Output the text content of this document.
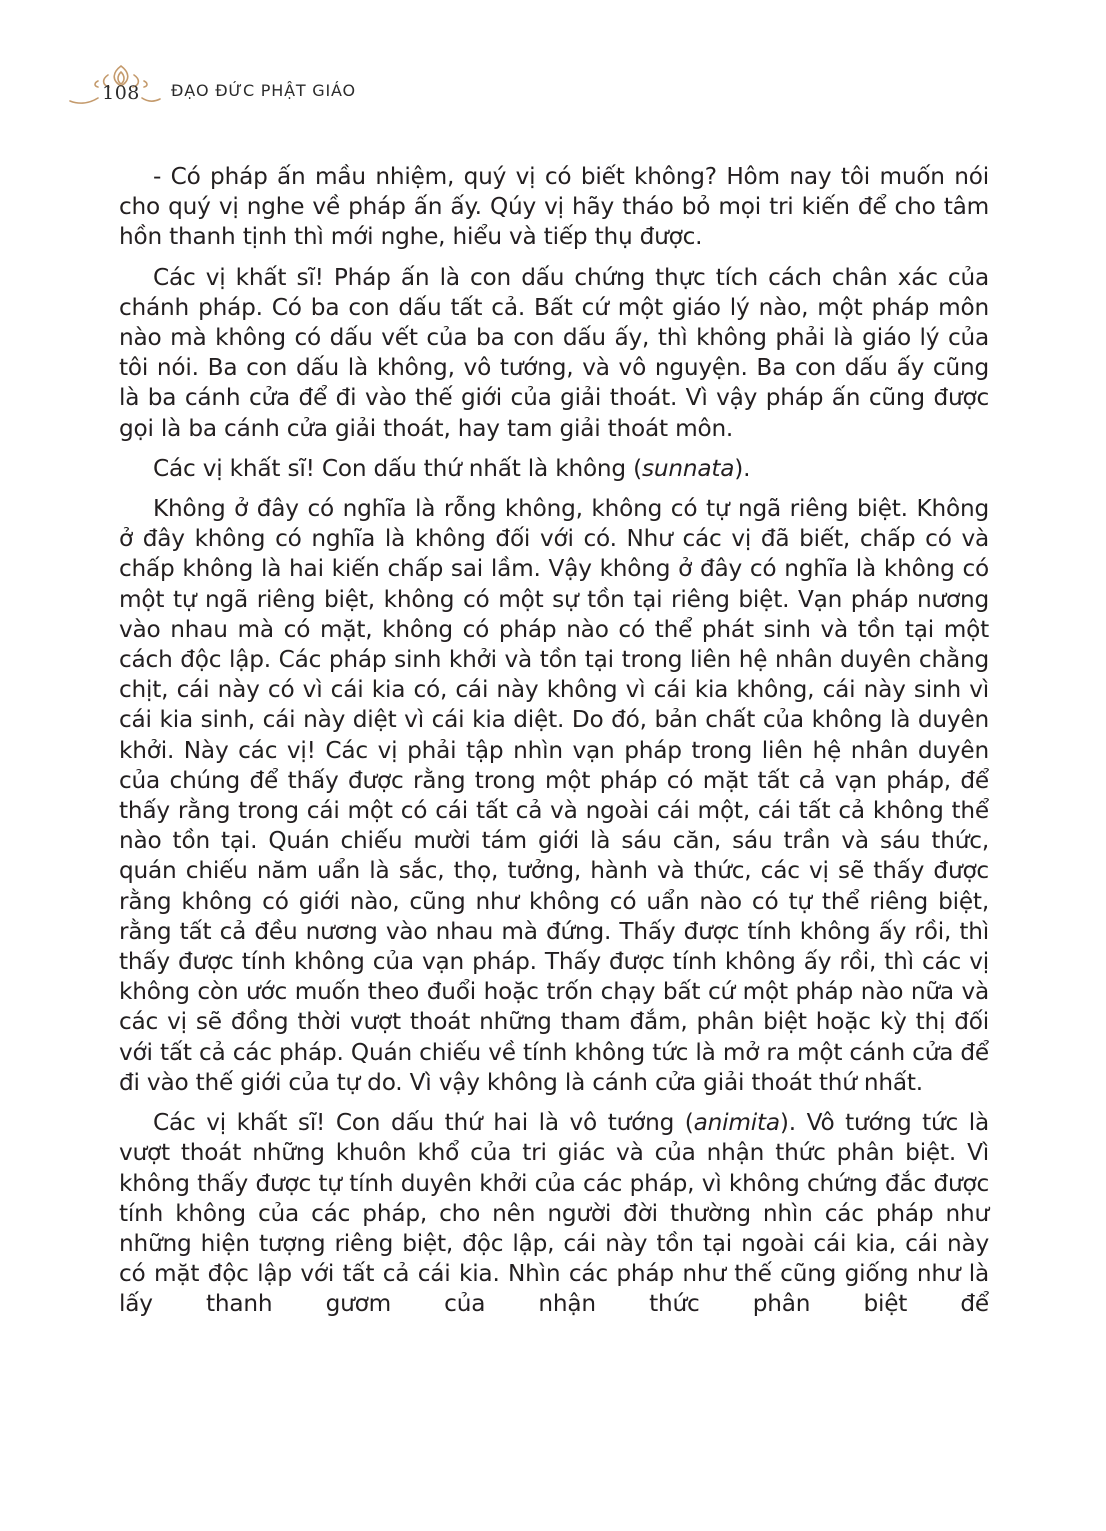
108	ĐẠO ĐỨC PHẬT GIÁO

- Có pháp ấn mầu nhiệm, quý vị có biết không? Hôm nay tôi muốn nói cho quý vị nghe về pháp ấn ấy. Qúy vị hãy tháo bỏ mọi tri kiến để cho tâm hồn thanh tịnh thì mới nghe, hiểu và tiếp thụ được.

Các vị khất sĩ! Pháp ấn là con dấu chứng thực tích cách chân xác của chánh pháp. Có ba con dấu tất cả. Bất cứ một giáo lý nào, một pháp môn nào mà không có dấu vết của ba con dấu ấy, thì không phải là giáo lý của tôi nói. Ba con dấu là không, vô tướng, và vô nguyện. Ba con dấu ấy cũng là ba cánh cửa để đi vào thế giới của giải thoát. Vì vậy pháp ấn cũng được gọi là ba cánh cửa giải thoát, hay tam giải thoát môn.

Các vị khất sĩ! Con dấu thứ nhất là không (sunnata).

Không ở đây có nghĩa là rỗng không, không có tự ngã riêng biệt. Không ở đây không có nghĩa là không đối với có. Như các vị đã biết, chấp có và chấp không là hai kiến chấp sai lầm. Vậy không ở đây có nghĩa là không có một tự ngã riêng biệt, không có một sự tồn tại riêng biệt. Vạn pháp nương vào nhau mà có mặt, không có pháp nào có thể phát sinh và tồn tại một cách độc lập. Các pháp sinh khởi và tồn tại trong liên hệ nhân duyên chằng chịt, cái này có vì cái kia có, cái này không vì cái kia không, cái này sinh vì cái kia sinh, cái này diệt vì cái kia diệt. Do đó, bản chất của không là duyên khởi. Này các vị! Các vị phải tập nhìn vạn pháp trong liên hệ nhân duyên của chúng để thấy được rằng trong một pháp có mặt tất cả vạn pháp, để thấy rằng trong cái một có cái tất cả và ngoài cái một, cái tất cả không thể nào tồn tại. Quán chiếu mười tám giới là sáu căn, sáu trần và sáu thức, quán chiếu năm uẩn là sắc, thọ, tưởng, hành và thức, các vị sẽ thấy được rằng không có giới nào, cũng như không có uẩn nào có tự thể riêng biệt, rằng tất cả đều nương vào nhau mà đứng. Thấy được tính không ấy rồi, thì thấy được tính không của vạn pháp. Thấy được tính không ấy rồi, thì các vị không còn ước muốn theo đuổi hoặc trốn chạy bất cứ một pháp nào nữa và các vị sẽ đồng thời vượt thoát những tham đắm, phân biệt hoặc kỳ thị đối với tất cả các pháp. Quán chiếu về tính không tức là mở ra một cánh cửa để đi vào thế giới của tự do. Vì vậy không là cánh cửa giải thoát thứ nhất.

Các vị khất sĩ! Con dấu thứ hai là vô tướng (animita). Vô tướng tức là vượt thoát những khuôn khổ của tri giác và của nhận thức phân biệt. Vì không thấy được tự tính duyên khởi của các pháp, vì không chứng đắc được tính không của các pháp, cho nên người đời thường nhìn các pháp như những hiện tượng riêng biệt, độc lập, cái này tồn tại ngoài cái kia, cái này có mặt độc lập với tất cả cái kia. Nhìn các pháp như thế cũng giống như là lấy thanh gươm của nhận thức phân biệt để
